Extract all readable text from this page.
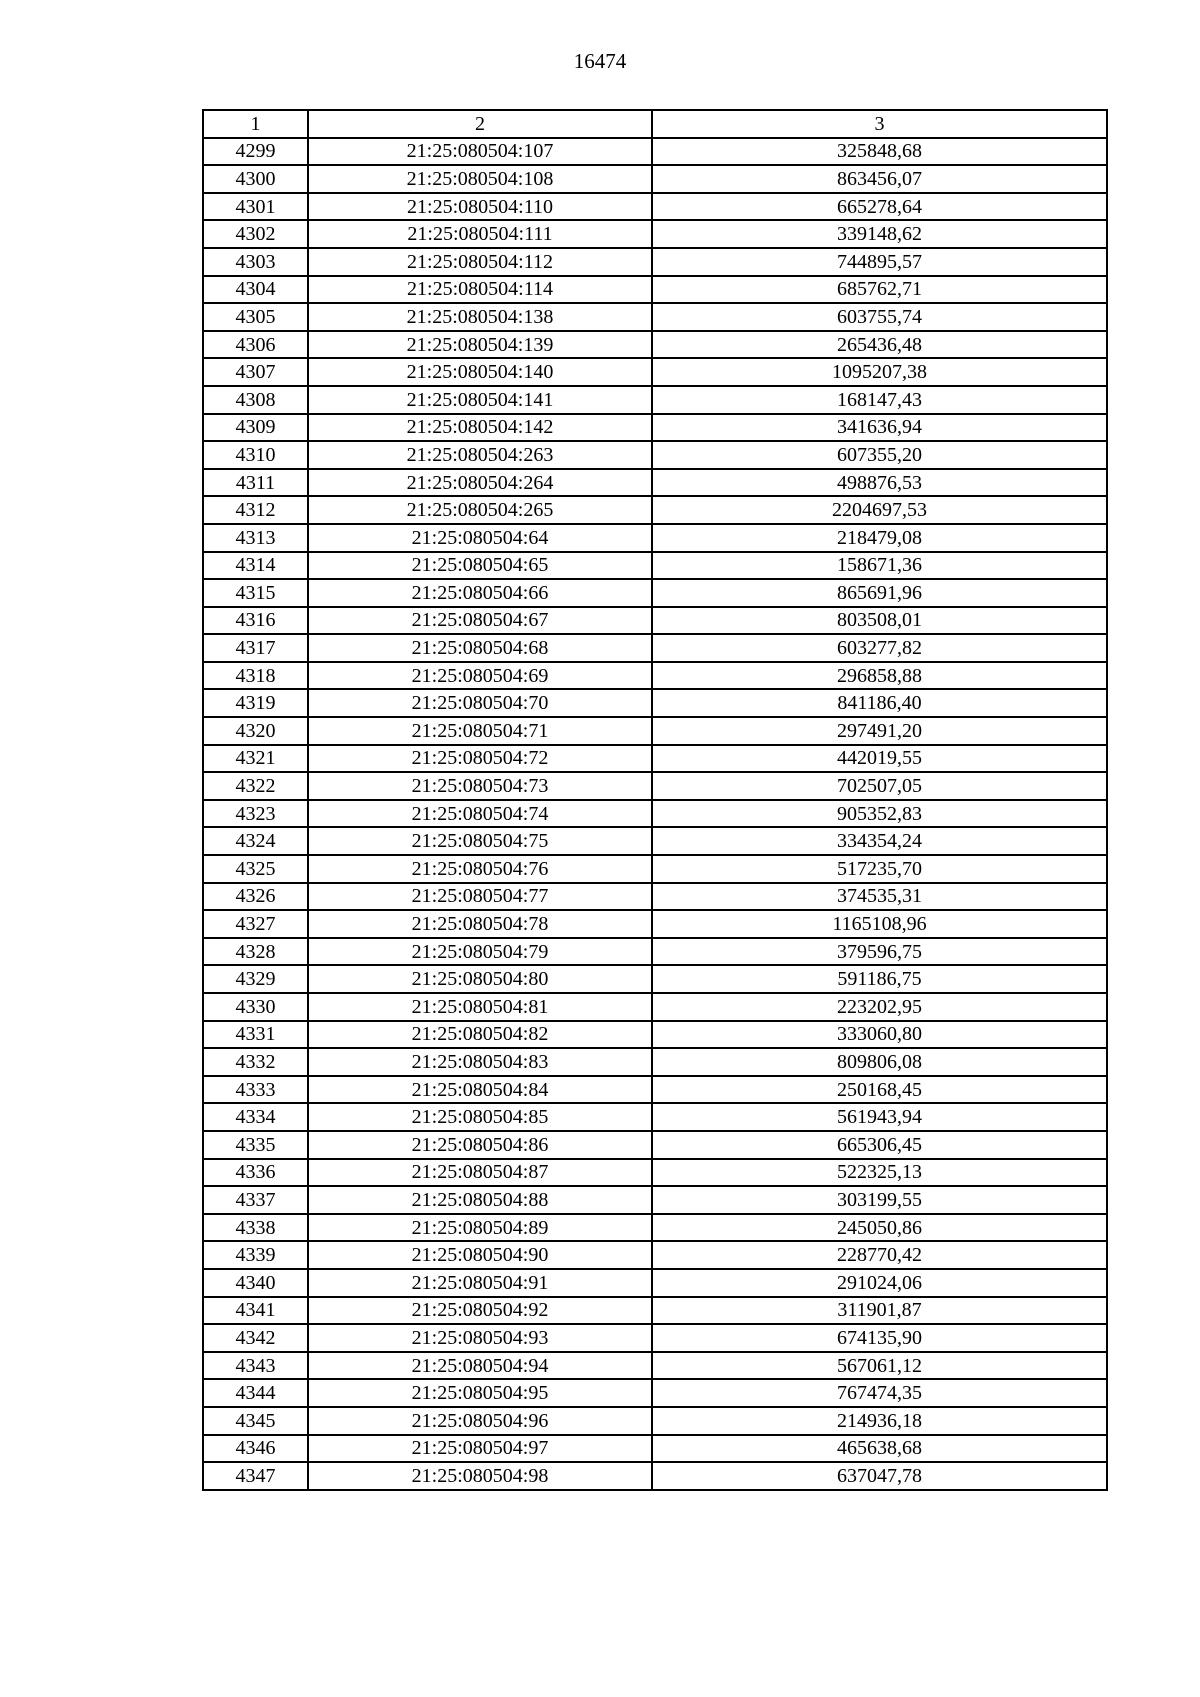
16474
1	2	3
4299	21:25:080504:107	325848,68
4300	21:25:080504:108	863456,07
4301	21:25:080504:110	665278,64
4302	21:25:080504:111	339148,62
4303	21:25:080504:112	744895,57
4304	21:25:080504:114	685762,71
4305	21:25:080504:138	603755,74
4306	21:25:080504:139	265436,48
4307	21:25:080504:140	1095207,38
4308	21:25:080504:141	168147,43
4309	21:25:080504:142	341636,94
4310	21:25:080504:263	607355,20
4311	21:25:080504:264	498876,53
4312	21:25:080504:265	2204697,53
4313	21:25:080504:64	218479,08
4314	21:25:080504:65	158671,36
4315	21:25:080504:66	865691,96
4316	21:25:080504:67	803508,01
4317	21:25:080504:68	603277,82
4318	21:25:080504:69	296858,88
4319	21:25:080504:70	841186,40
4320	21:25:080504:71	297491,20
4321	21:25:080504:72	442019,55
4322	21:25:080504:73	702507,05
4323	21:25:080504:74	905352,83
4324	21:25:080504:75	334354,24
4325	21:25:080504:76	517235,70
4326	21:25:080504:77	374535,31
4327	21:25:080504:78	1165108,96
4328	21:25:080504:79	379596,75
4329	21:25:080504:80	591186,75
4330	21:25:080504:81	223202,95
4331	21:25:080504:82	333060,80
4332	21:25:080504:83	809806,08
4333	21:25:080504:84	250168,45
4334	21:25:080504:85	561943,94
4335	21:25:080504:86	665306,45
4336	21:25:080504:87	522325,13
4337	21:25:080504:88	303199,55
4338	21:25:080504:89	245050,86
4339	21:25:080504:90	228770,42
4340	21:25:080504:91	291024,06
4341	21:25:080504:92	311901,87
4342	21:25:080504:93	674135,90
4343	21:25:080504:94	567061,12
4344	21:25:080504:95	767474,35
4345	21:25:080504:96	214936,18
4346	21:25:080504:97	465638,68
4347	21:25:080504:98	637047,78
